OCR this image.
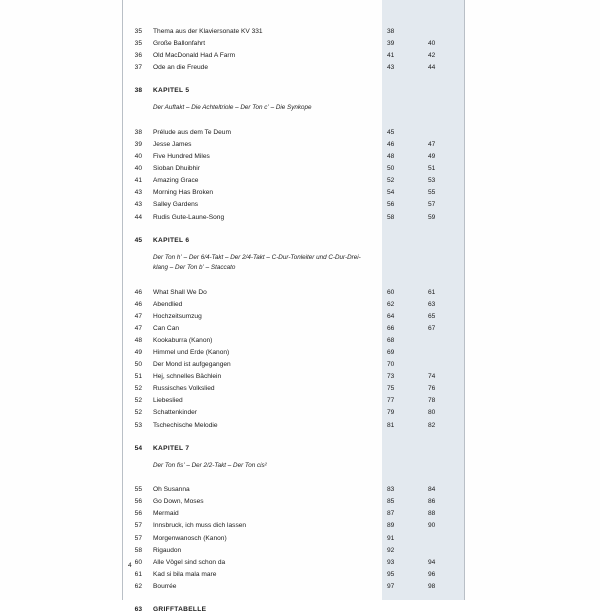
35	Thema aus der Klaviersonate KV 331	38
35	Große Ballonfahrt	39	40
36	Old MacDonald Had A Farm	41	42
37	Ode an die Freude	43	44
38	KAPITEL 5
Der Auftakt – Die Achteltriole – Der Ton cʼ – Die Synkope
38	Prélude aus dem Te Deum	45
39	Jesse James	46	47
40	Five Hundred Miles	48	49
40	Sioban Dhuibhir	50	51
41	Amazing Grace	52	53
43	Morning Has Broken	54	55
43	Salley Gardens	56	57
44	Rudis Gute-Laune-Song	58	59
45	KAPITEL 6
Der Ton hʼ – Der 6/4-Takt – Der 2/4-Takt – C-Dur-Tonleiter und C-Dur-Drei-
klang – Der Ton bʼ – Staccato
46	What Shall We Do	60	61
46	Abendlied	62	63
47	Hochzeitsumzug	64	65
47	Can Can	66	67
48	Kookaburra (Kanon)	68
49	Himmel und Erde (Kanon)	69
50	Der Mond ist aufgegangen	70
51	Hej, schnelles Bächlein	73	74
52	Russisches Volkslied	75	76
52	Liebeslied	77	78
52	Schattenkinder	79	80
53	Tschechische Melodie	81	82
54	KAPITEL 7
Der Ton fisʼ – Der 2/2-Takt – Der Ton cis²
55	Oh Susanna	83	84
56	Go Down, Moses	85	86
56	Mermaid	87	88
57	Innsbruck, ich muss dich lassen	89	90
57	Morgenwanosch (Kanon)	91
58	Rigaudon	92
60	Alle Vögel sind schon da	93	94
61	Kad si bila mala mare	95	96
62	Bourrée	97	98
63	GRIFFTABELLE
4
